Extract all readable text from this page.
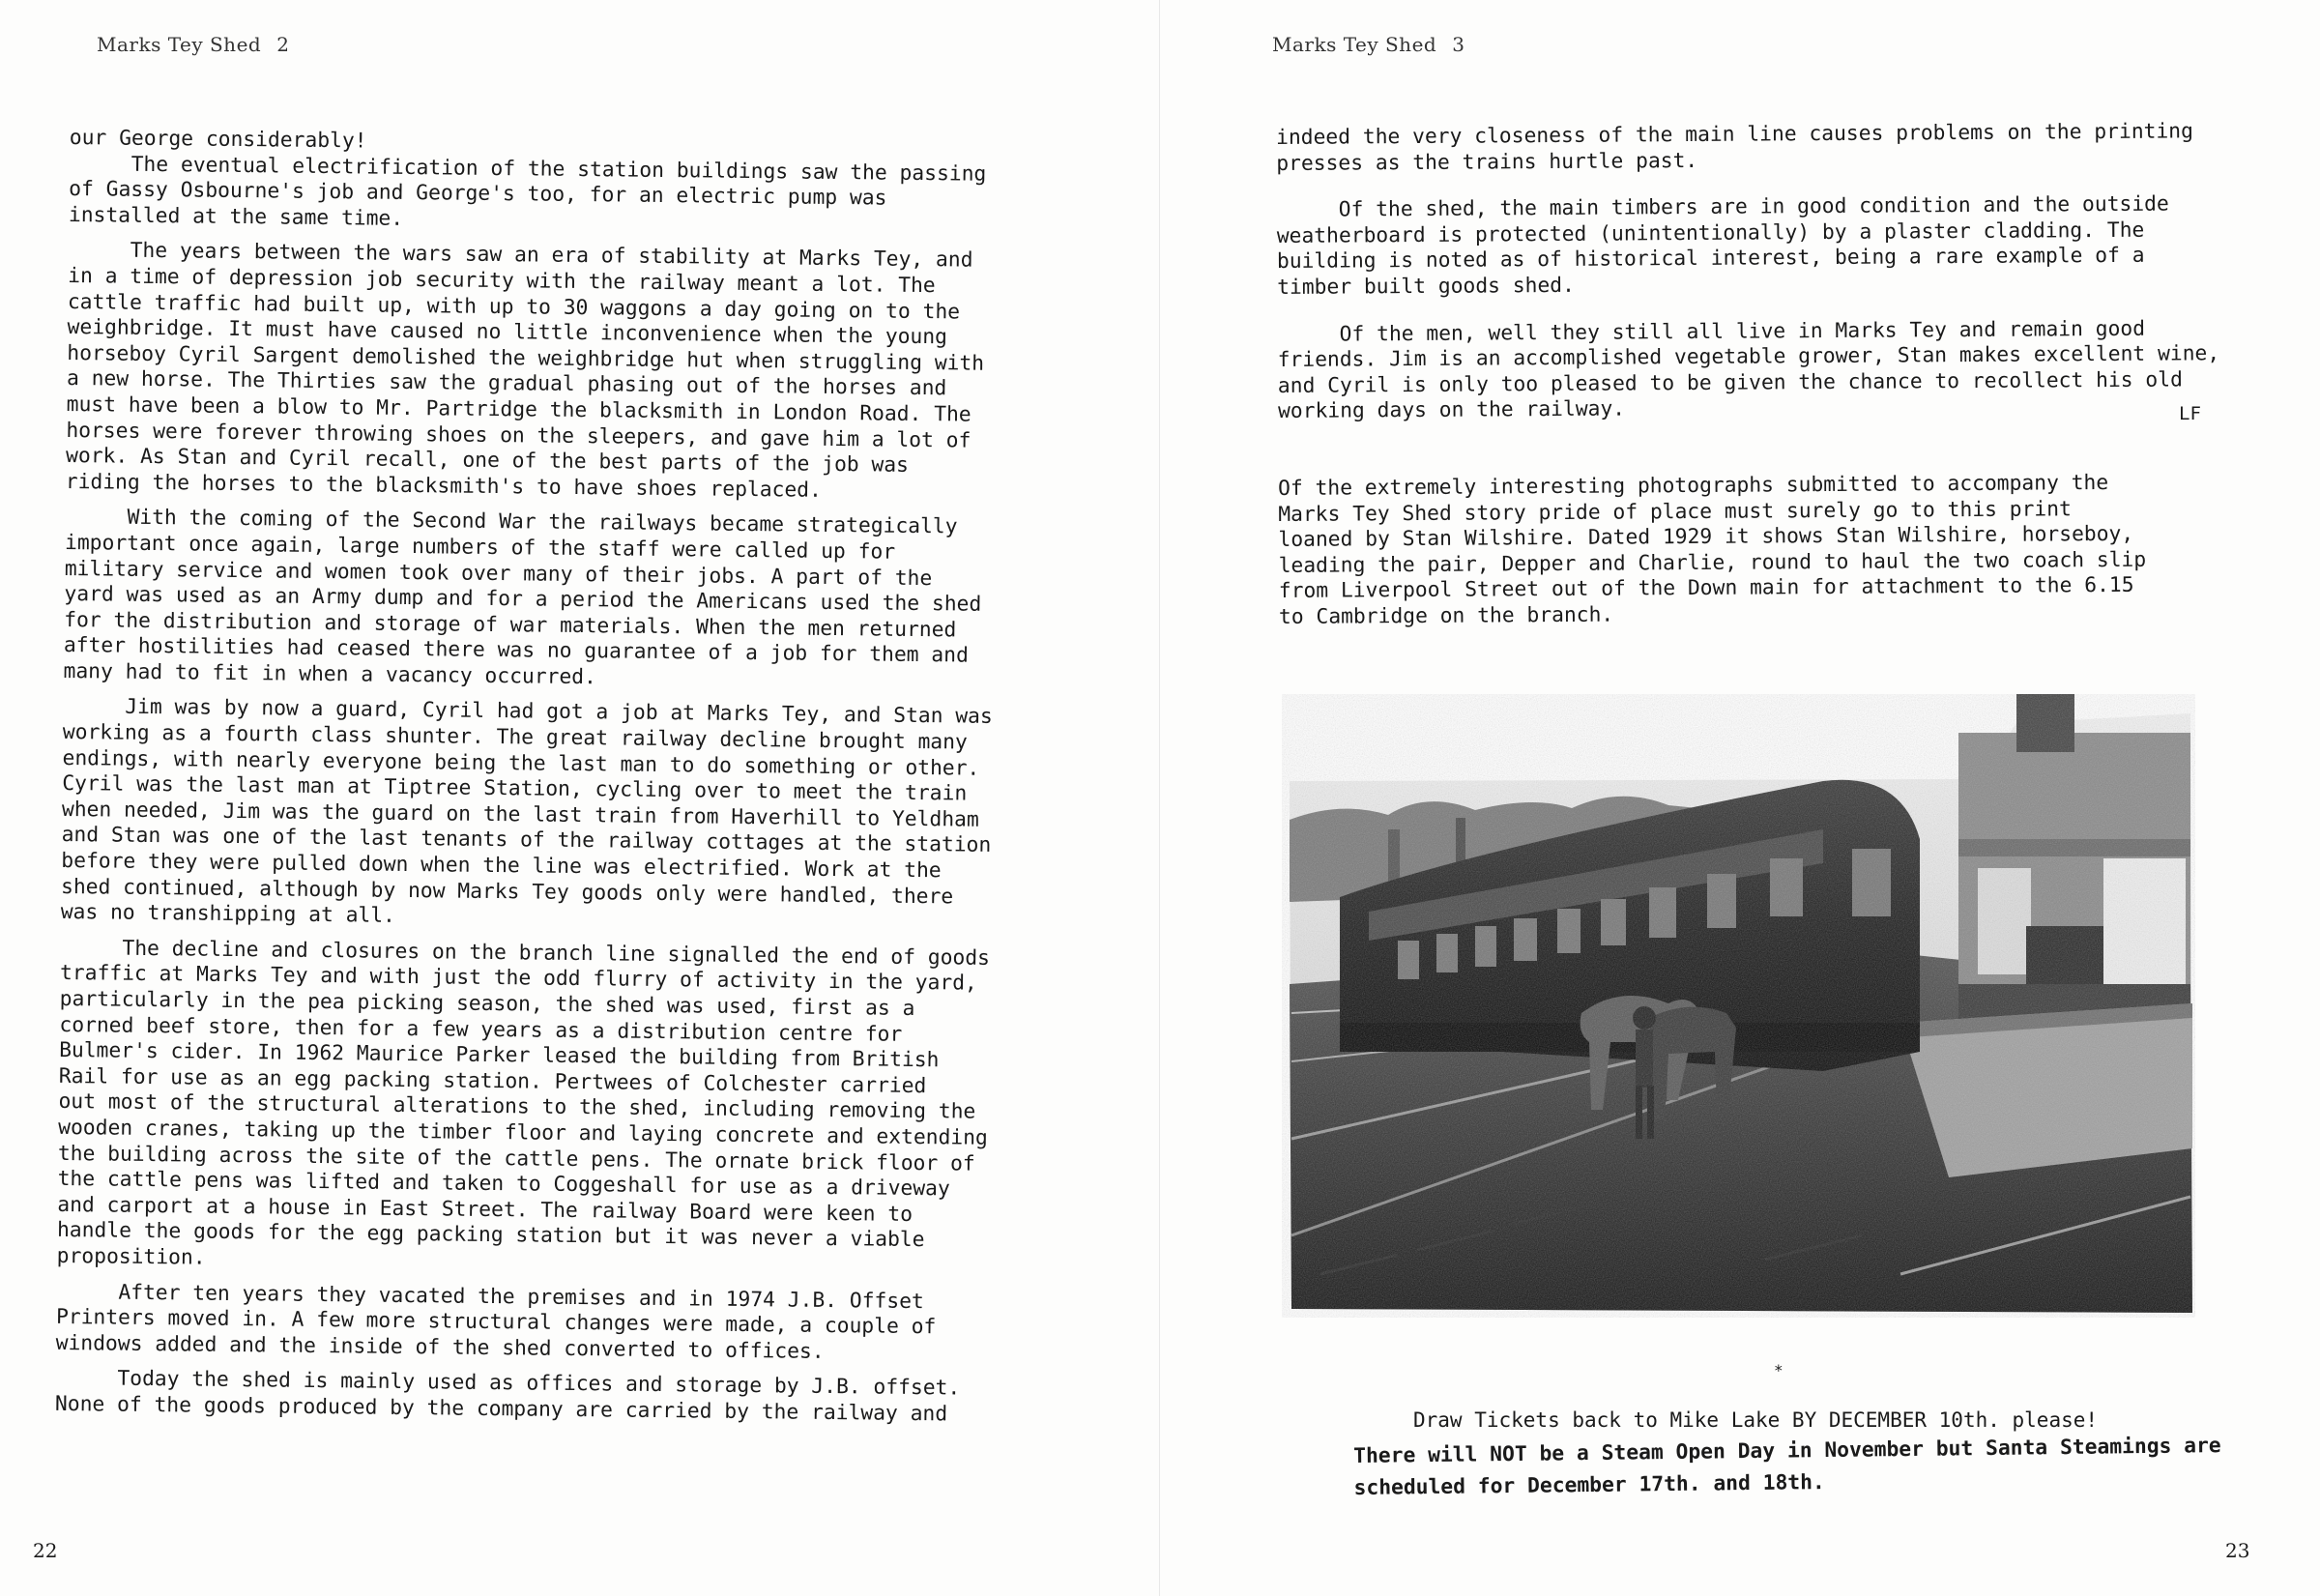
Marks Tey Shed 2

our George considerably!
The eventual electrification of the station buildings saw the passing
of Gassy Osbourne's job and George's too, for an electric pump was
installed at the same time.

The years between the wars saw an era of stability at Marks Tey, and
in a time of depression job security with the railway meant a lot. The
cattle traffic had built up, with up to 30 waggons a day going on to the
weighbridge. It must have caused no little inconvenience when the young
horseboy Cyril Sargent demolished the weighbridge hut when struggling with
a new horse. The Thirties saw the gradual phasing out of the horses and
must have been a blow to Mr. Partridge the blacksmith in London Road. The
horses were forever throwing shoes on the sleepers, and gave him a lot of
work. As Stan and Cyril recall, one of the best parts of the job was
riding the horses to the blacksmith's to have shoes replaced.

With the coming of the Second War the railways became strategically
important once again, large numbers of the staff were called up for
military service and women took over many of their jobs. A part of the
yard was used as an Army dump and for a period the Americans used the shed
for the distribution and storage of war materials. When the men returned
after hostilities had ceased there was no guarantee of a job for them and
many had to fit in when a vacancy occurred.

Jim was by now a guard, Cyril had got a job at Marks Tey, and Stan was
working as a fourth class shunter. The great railway decline brought many
endings, with nearly everyone being the last man to do something or other.
Cyril was the last man at Tiptree Station, cycling over to meet the train
when needed, Jim was the guard on the last train from Haverhill to Yeldham
and Stan was one of the last tenants of the railway cottages at the station
before they were pulled down when the line was electrified. Work at the
shed continued, although by now Marks Tey goods only were handled, there
was no transhipping at all.

The decline and closures on the branch line signalled the end of goods
traffic at Marks Tey and with just the odd flurry of activity in the yard,
particularly in the pea picking season, the shed was used, first as a
corned beef store, then for a few years as a distribution centre for
Bulmer's cider. In 1962 Maurice Parker leased the building from British
Rail for use as an egg packing station. Pertwees of Colchester carried
out most of the structural alterations to the shed, including removing the
wooden cranes, taking up the timber floor and laying concrete and extending
the building across the site of the cattle pens. The ornate brick floor of
the cattle pens was lifted and taken to Coggeshall for use as a driveway
and carport at a house in East Street. The railway Board were keen to
handle the goods for the egg packing station but it was never a viable
proposition.

After ten years they vacated the premises and in 1974 J.B. Offset
Printers moved in. A few more structural changes were made, a couple of
windows added and the inside of the shed converted to offices.

Today the shed is mainly used as offices and storage by J.B. offset.
None of the goods produced by the company are carried by the railway and

22
Marks Tey Shed 3

indeed the very closeness of the main line causes problems on the printing
presses as the trains hurtle past.

Of the shed, the main timbers are in good condition and the outside
weatherboard is protected (unintentionally) by a plaster cladding. The
building is noted as of historical interest, being a rare example of a
timber built goods shed.

Of the men, well they still all live in Marks Tey and remain good
friends. Jim is an accomplished vegetable grower, Stan makes excellent wine,
and Cyril is only too pleased to be given the chance to recollect his old
working days on the railway.	LF

Of the extremely interesting photographs submitted to accompany the
Marks Tey Shed story pride of place must surely go to this print
loaned by Stan Wilshire. Dated 1929 it shows Stan Wilshire, horseboy,
leading the pair, Depper and Charlie, round to haul the two coach slip
from Liverpool Street out of the Down main for attachment to the 6.15
to Cambridge on the branch.

*
Draw Tickets back to Mike Lake BY DECEMBER 10th. please!
There will NOT be a Steam Open Day in November but Santa Steamings are
scheduled for December 17th. and 18th.
23
